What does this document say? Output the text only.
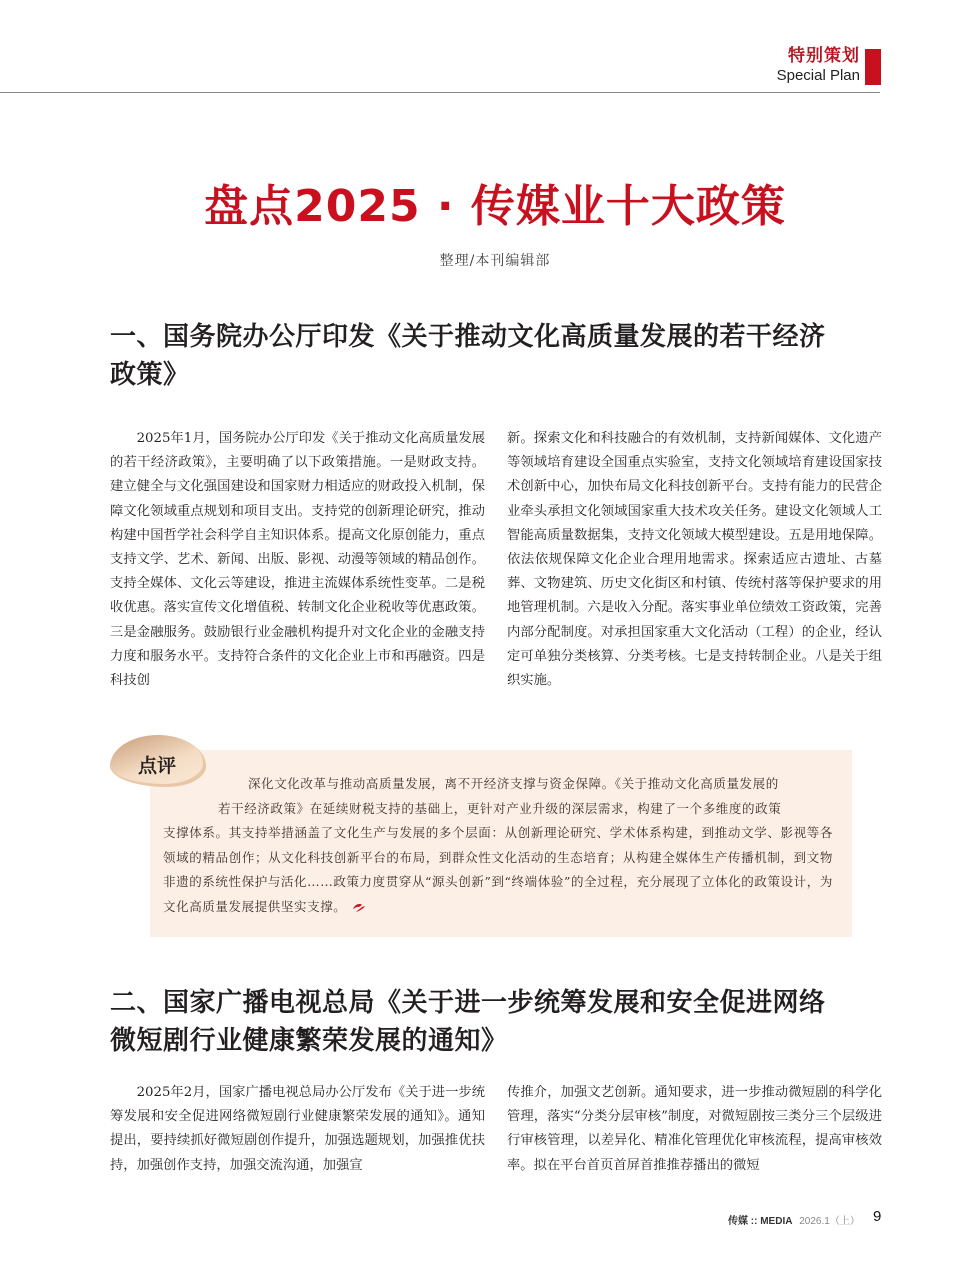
特别策划
Special Plan
盘点2025 · 传媒业十大政策
整理/本刊编辑部
一、国务院办公厅印发《关于推动文化高质量发展的若干经济
政策》

2025年1月，国务院办公厅印发《关于推动文化高质量发展的若干经济政策》，主要明确了以下政策措施。一是财政支持。建立健全与文化强国建设和国家财力相适应的财政投入机制，保障文化领域重点规划和项目支出。支持党的创新理论研究，推动构建中国哲学社会科学自主知识体系。提高文化原创能力，重点支持文学、艺术、新闻、出版、影视、动漫等领域的精品创作。支持全媒体、文化云等建设，推进主流媒体系统性变革。二是税收优惠。落实宣传文化增值税、转制文化企业税收等优惠政策。三是金融服务。鼓励银行业金融机构提升对文化企业的金融支持力度和服务水平。支持符合条件的文化企业上市和再融资。四是科技创

新。探索文化和科技融合的有效机制，支持新闻媒体、文化遗产等领域培育建设全国重点实验室，支持文化领域培育建设国家技术创新中心，加快布局文化科技创新平台。支持有能力的民营企业牵头承担文化领域国家重大技术攻关任务。建设文化领域人工智能高质量数据集，支持文化领域大模型建设。五是用地保障。依法依规保障文化企业合理用地需求。探索适应古遗址、古墓葬、文物建筑、历史文化街区和村镇、传统村落等保护要求的用地管理机制。六是收入分配。落实事业单位绩效工资政策，完善内部分配制度。对承担国家重大文化活动（工程）的企业，经认定可单独分类核算、分类考核。七是支持转制企业。八是关于组织实施。

点评
深化文化改革与推动高质量发展，离不开经济支撑与资金保障。《关于推动文化高质量发展的
若干经济政策》在延续财税支持的基础上，更针对产业升级的深层需求，构建了一个多维度的政策
支撑体系。其支持举措涵盖了文化生产与发展的多个层面：从创新理论研究、学术体系构建，到推动文学、影视等各领域的精品创作；从文化科技创新平台的布局，到群众性文化活动的生态培育；从构建全媒体生产传播机制，到文物非遗的系统性保护与活化……政策力度贯穿从“源头创新”到“终端体验”的全过程，充分展现了立体化的政策设计，为文化高质量发展提供坚实支撑。
二、国家广播电视总局《关于进一步统筹发展和安全促进网络
微短剧行业健康繁荣发展的通知》

2025年2月，国家广播电视总局办公厅发布《关于进一步统筹发展和安全促进网络微短剧行业健康繁荣发展的通知》。通知提出，要持续抓好微短剧创作提升，加强选题规划，加强推优扶持，加强创作支持，加强交流沟通，加强宣

传推介，加强文艺创新。通知要求，进一步推动微短剧的科学化管理，落实“分类分层审核”制度，对微短剧按三类分三个层级进行审核管理，以差异化、精准化管理优化审核流程，提高审核效率。拟在平台首页首屏首推推荐播出的微短

传媒 :: MEDIA 2026.1（上） 9
